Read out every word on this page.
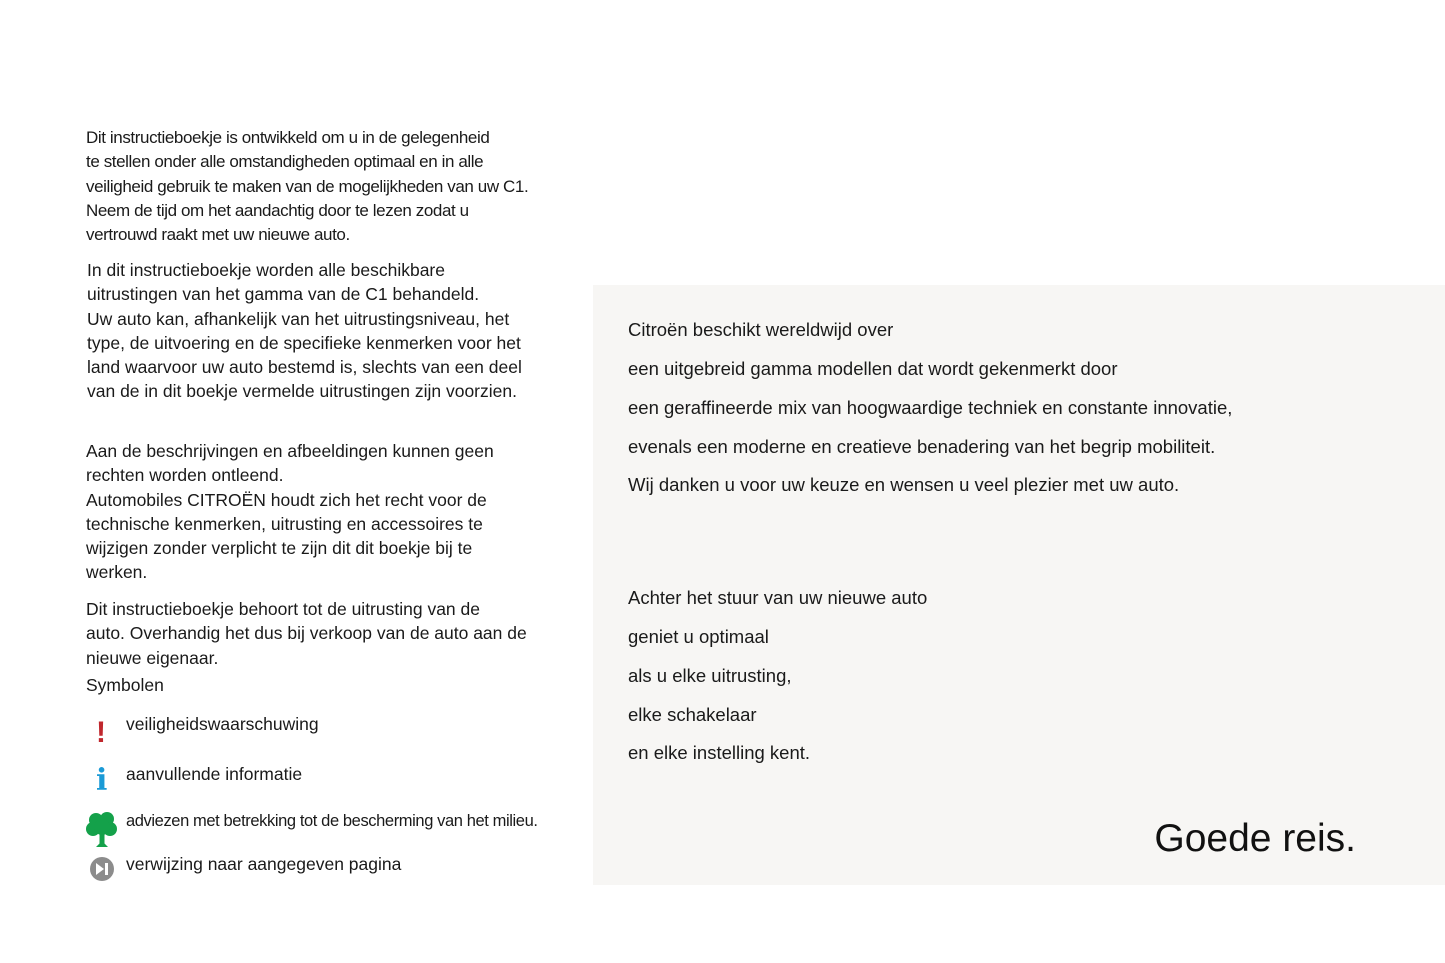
Dit instructieboekje is ontwikkeld om u in de gelegenheid
te stellen onder alle omstandigheden optimaal en in alle
veiligheid gebruik te maken van de mogelijkheden van uw C1.
Neem de tijd om het aandachtig door te lezen zodat u
vertrouwd raakt met uw nieuwe auto.

In dit instructieboekje worden alle beschikbare
uitrustingen van het gamma van de C1 behandeld.
Uw auto kan, afhankelijk van het uitrustingsniveau, het
type, de uitvoering en de specifieke kenmerken voor het
land waarvoor uw auto bestemd is, slechts van een deel
van de in dit boekje vermelde uitrustingen zijn voorzien.

Aan de beschrijvingen en afbeeldingen kunnen geen
rechten worden ontleend.
Automobiles CITROËN houdt zich het recht voor de
technische kenmerken, uitrusting en accessoires te
wijzigen zonder verplicht te zijn dit dit boekje bij te
werken.

Dit instructieboekje behoort tot de uitrusting van de
auto. Overhandig het dus bij verkoop van de auto aan de
nieuwe eigenaar.

Symbolen
! veiligheidswaarschuwing
i aanvullende informatie
adviezen met betrekking tot de bescherming van het milieu.
verwijzing naar aangegeven pagina
Citroën beschikt wereldwijd over
een uitgebreid gamma modellen dat wordt gekenmerkt door
een geraffineerde mix van hoogwaardige techniek en constante innovatie,
evenals een moderne en creatieve benadering van het begrip mobiliteit.
Wij danken u voor uw keuze en wensen u veel plezier met uw auto.
Achter het stuur van uw nieuwe auto
geniet u optimaal
als u elke uitrusting,
elke schakelaar
en elke instelling kent.
Goede reis.
